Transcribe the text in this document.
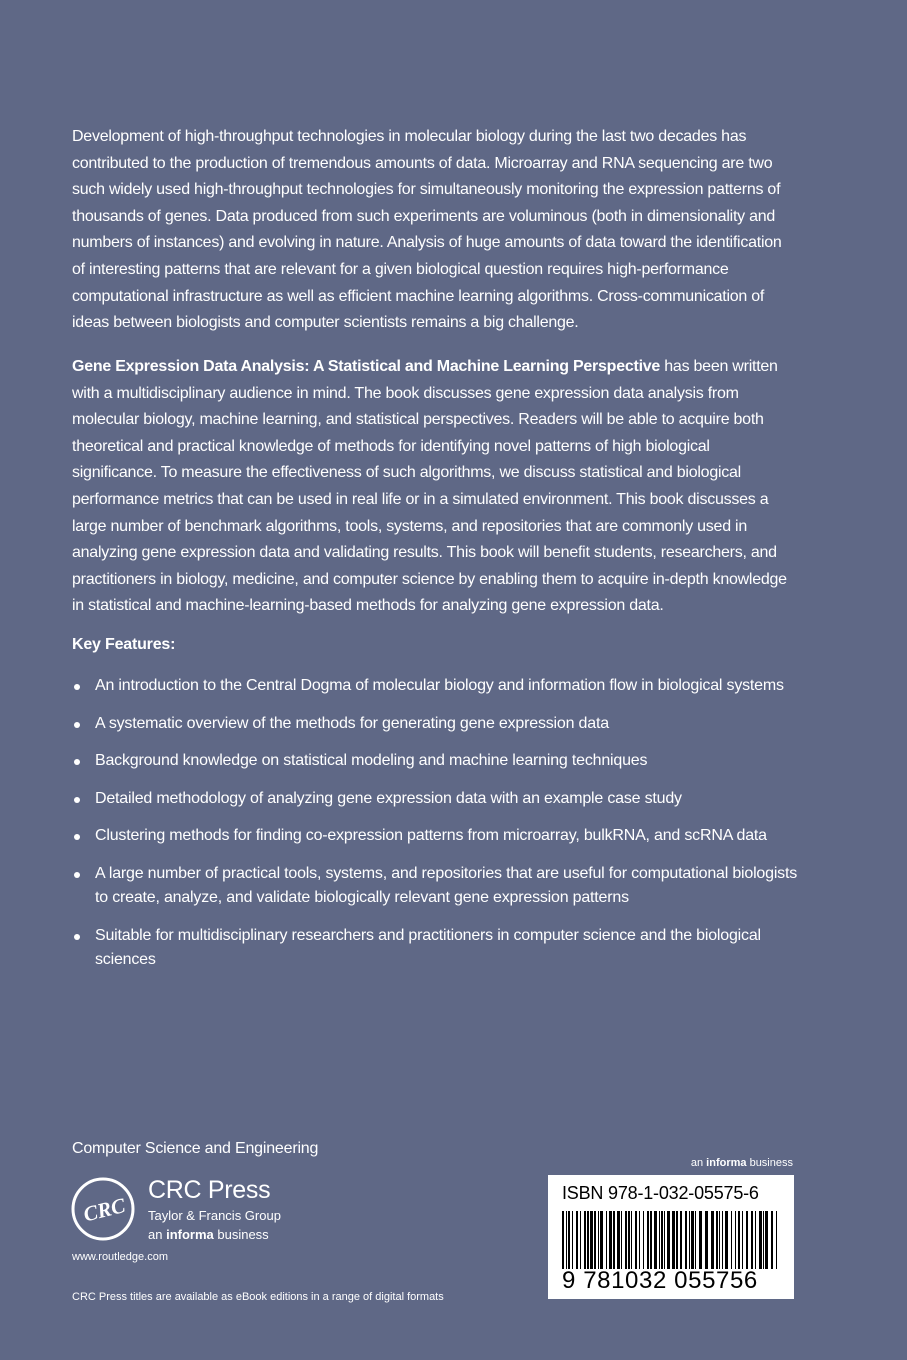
Development of high-throughput technologies in molecular biology during the last two decades has contributed to the production of tremendous amounts of data. Microarray and RNA sequencing are two such widely used high-throughput technologies for simultaneously monitoring the expression patterns of thousands of genes. Data produced from such experiments are voluminous (both in dimensionality and numbers of instances) and evolving in nature. Analysis of huge amounts of data toward the identification of interesting patterns that are relevant for a given biological question requires high-performance computational infrastructure as well as efficient machine learning algorithms. Cross-communication of ideas between biologists and computer scientists remains a big challenge.
Gene Expression Data Analysis: A Statistical and Machine Learning Perspective has been written with a multidisciplinary audience in mind. The book discusses gene expression data analysis from molecular biology, machine learning, and statistical perspectives. Readers will be able to acquire both theoretical and practical knowledge of methods for identifying novel patterns of high biological significance. To measure the effectiveness of such algorithms, we discuss statistical and biological performance metrics that can be used in real life or in a simulated environment. This book discusses a large number of benchmark algorithms, tools, systems, and repositories that are commonly used in analyzing gene expression data and validating results. This book will benefit students, researchers, and practitioners in biology, medicine, and computer science by enabling them to acquire in-depth knowledge in statistical and machine-learning-based methods for analyzing gene expression data.
Key Features:
An introduction to the Central Dogma of molecular biology and information flow in biological systems
A systematic overview of the methods for generating gene expression data
Background knowledge on statistical modeling and machine learning techniques
Detailed methodology of analyzing gene expression data with an example case study
Clustering methods for finding co-expression patterns from microarray, bulkRNA, and scRNA data
A large number of practical tools, systems, and repositories that are useful for computational biologists to create, analyze, and validate biologically relevant gene expression patterns
Suitable for multidisciplinary researchers and practitioners in computer science and the biological sciences
Computer Science and Engineering
CRC
CRC Press
Taylor & Francis Group
an informa business
www.routledge.com
CRC Press titles are available as eBook editions in a range of digital formats
an informa business
ISBN 978-1-032-05575-6
9 781032 055756
